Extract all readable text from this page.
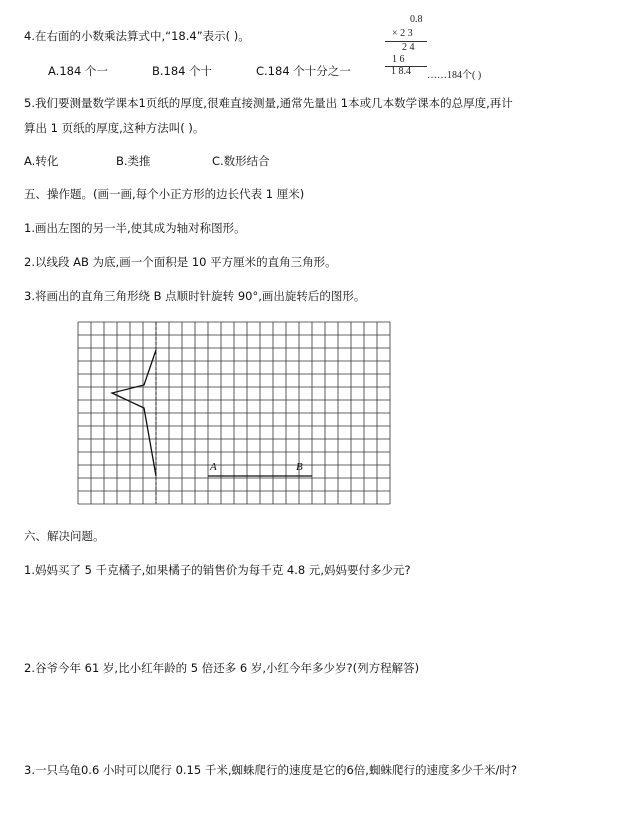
4.在右面的小数乘法算式中,“18.4”表示( )。
A.184 个一	B.184 个十	C.184 个十分之一
0.8
× 2 3
2 4
1 6
1 8.4 ……184个( )
5.我们要测量数学课本1页纸的厚度,很难直接测量,通常先量出 1本或几本数学课本的总厚度,再计
算出 1 页纸的厚度,这种方法叫( )。
A.转化	B.类推	C.数形结合
五、操作题。(画一画,每个小正方形的边长代表 1 厘米)
1.画出左图的另一半,使其成为轴对称图形。
2.以线段 AB 为底,画一个面积是 10 平方厘米的直角三角形。
3.将画出的直角三角形绕 B 点顺时针旋转 90°,画出旋转后的图形。
A	B
六、解决问题。
1.妈妈买了 5 千克橘子,如果橘子的销售价为每千克 4.8 元,妈妈要付多少元?
2.谷爷今年 61 岁,比小红年龄的 5 倍还多 6 岁,小红今年多少岁?(列方程解答)
3.一只乌龟0.6 小时可以爬行 0.15 千米,蜘蛛爬行的速度是它的6倍,蜘蛛爬行的速度多少千米/时?
